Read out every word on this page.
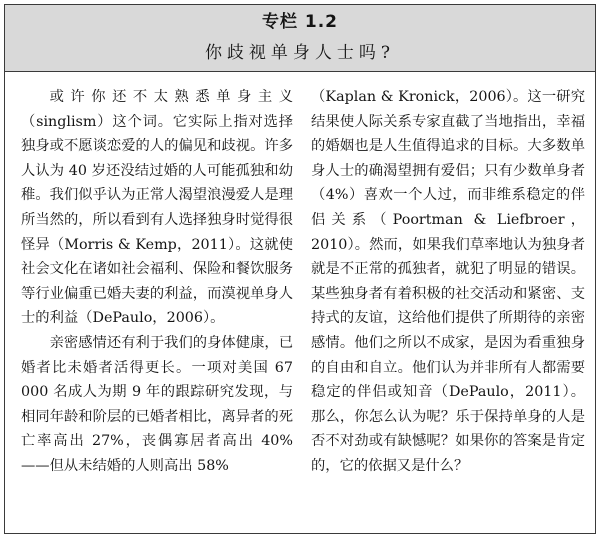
专栏 1.2
你歧视单身人士吗?

或许你还不太熟悉单身主义（singlism）这个词。它实际上指对选择独身或不愿谈恋爱的人的偏见和歧视。许多人认为 40 岁还没结过婚的人可能孤独和幼稚。我们似乎认为正常人渴望浪漫爱人是理所当然的，所以看到有人选择独身时觉得很怪异（Morris & Kemp，2011）。这就使社会文化在诸如社会福利、保险和餐饮服务等行业偏重已婚夫妻的利益，而漠视单身人士的利益（DePaulo，2006）。

亲密感情还有利于我们的身体健康，已婚者比未婚者活得更长。一项对美国 67 000 名成人为期 9 年的跟踪研究发现，与相同年龄和阶层的已婚者相比，离异者的死亡率高出 27%，丧偶寡居者高出 40%——但从未结婚的人则高出 58%

（Kaplan & Kronick，2006）。这一研究结果使人际关系专家直截了当地指出，幸福的婚姻也是人生值得追求的目标。大多数单身人士的确渴望拥有爱侣；只有少数单身者（4%）喜欢一个人过，而非维系稳定的伴侣关系（Poortman & Liefbroer，2010）。然而，如果我们草率地认为独身者就是不正常的孤独者，就犯了明显的错误。某些独身者有着积极的社交活动和紧密、支持式的友谊，这给他们提供了所期待的亲密感情。他们之所以不成家，是因为看重独身的自由和自立。他们认为并非所有人都需要稳定的伴侣或知音（DePaulo，2011）。那么，你怎么认为呢？乐于保持单身的人是否不对劲或有缺憾呢？如果你的答案是肯定的，它的依据又是什么？
